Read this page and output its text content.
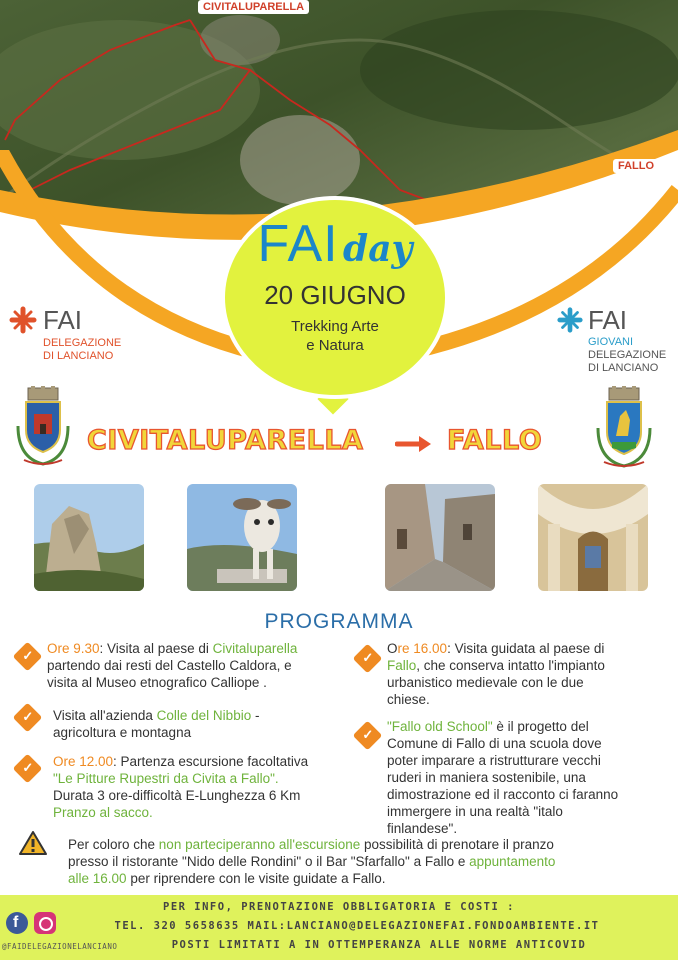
CIVITALUPARELLA
FALLO
FAI day
20 GIUGNO
Trekking Arte
e Natura
FAI
DELEGAZIONE
DI LANCIANO
FAI
GIOVANI
DELEGAZIONE
DI LANCIANO
CIVITALUPARELLA	FALLO
PROGRAMMA
✓ Ore 9.30: Visita al paese di Civitaluparella
partendo dai resti del Castello Caldora, e
visita al Museo etnografico Calliope .
✓ Visita all'azienda Colle del Nibbio -
agricoltura e montagna
✓ Ore 12.00: Partenza escursione facoltativa
"Le Pitture Rupestri da Civita a Fallo".
Durata 3 ore-difficoltà E-Lunghezza 6 Km
Pranzo al sacco.
✓
Ore 16.00: Visita guidata al paese di
Fallo, che conserva intatto l'impianto
urbanistico medievale con le due
chiese.
✓
"Fallo old School" è il progetto del
Comune di Fallo di una scuola dove
poter imparare a ristrutturare vecchi
ruderi in maniera sostenibile, una
dimostrazione ed il racconto ci faranno
immergere in una realtà "italo
finlandese".
Per coloro che non parteciperanno all'escursione possibilità di prenotare il pranzo
presso il ristorante "Nido delle Rondini" o il Bar "Sfarfallo" a Fallo e appuntamento
alle 16.00 per riprendere con le visite guidate a Fallo.
PER INFO, PRENOTAZIONE OBBLIGATORIA E COSTI :
TEL. 320 5658635 MAIL:LANCIANO@DELEGAZIONEFAI.FONDOAMBIENTE.IT
POSTI LIMITATI A IN OTTEMPERANZA ALLE NORME ANTICOVID
f
@FAIDELEGAZIONELANCIANO
